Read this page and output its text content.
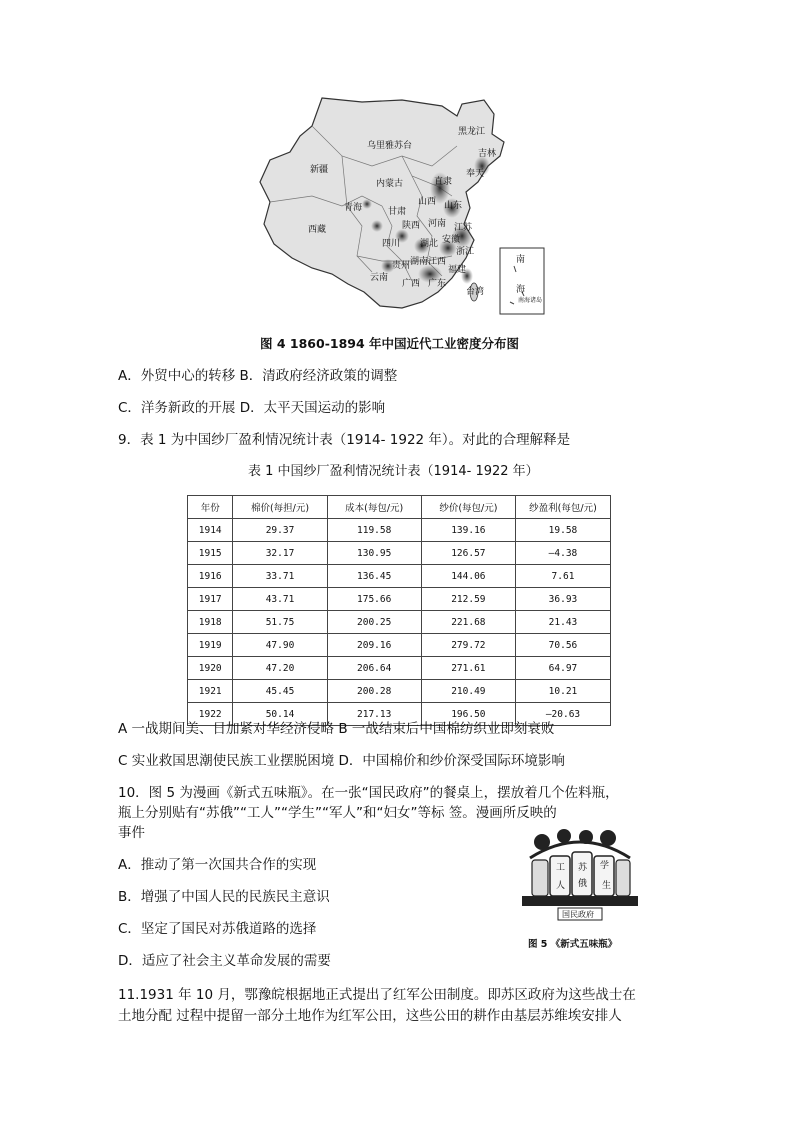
乌里雅苏台
黑龙江
吉林
奉天
新疆
内蒙古	直隶
山西 山东
青海	甘肃
陕西 河南 江苏
西藏
安徽
四川 湖北
浙江
湖南 江西
贵州	福建
云南
广西 广东
台湾
南
海
南海诸岛
图 4 1860-1894 年中国近代工业密度分布图
A．外贸中心的转移 B．清政府经济政策的调整
C．洋务新政的开展 D．太平天国运动的影响
9．表 1 为中国纱厂盈利情况统计表（1914- 1922 年）。对此的合理解释是
表 1 中国纱厂盈利情况统计表（1914- 1922 年）
年份	棉价(每担/元)	成本(每包/元)	纱价(每包/元)	纱盈利(每包/元)
1914	29.37	119.58	139.16	19.58
1915	32.17	130.95	126.57	—4.38
1916	33.71	136.45	144.06	7.61
1917	43.71	175.66	212.59	36.93
1918	51.75	200.25	221.68	21.43
1919	47.90	209.16	279.72	70.56
1920	47.20	206.64	271.61	64.97
1921	45.45	200.28	210.49	10.21
1922	50.14	217.13	196.50	—20.63
A 一战期间美、日加紧对华经济侵略 B 一战结束后中国棉纺织业即刻衰败
C 实业救国思潮使民族工业摆脱困境 D．中国棉价和纱价深受国际环境影响
10．图 5 为漫画《新式五味瓶》。在一张“国民政府”的餐桌上，摆放着几个佐料瓶，
瓶上分别贴有“苏俄”“工人”“学生”“军人”和“妇女”等标 签。漫画所反映的
事件
A．推动了第一次国共合作的实现
B．增强了中国人民的民族民主意识
C．坚定了国民对苏俄道路的选择
D．适应了社会主义革命发展的需要
工
人
苏
俄
学
生
国民政府
图 5 《新式五味瓶》
11.1931 年 10 月，鄂豫皖根据地正式提出了红军公田制度。即苏区政府为这些战士在
土地分配 过程中提留一部分土地作为红军公田，这些公田的耕作由基层苏维埃安排人
